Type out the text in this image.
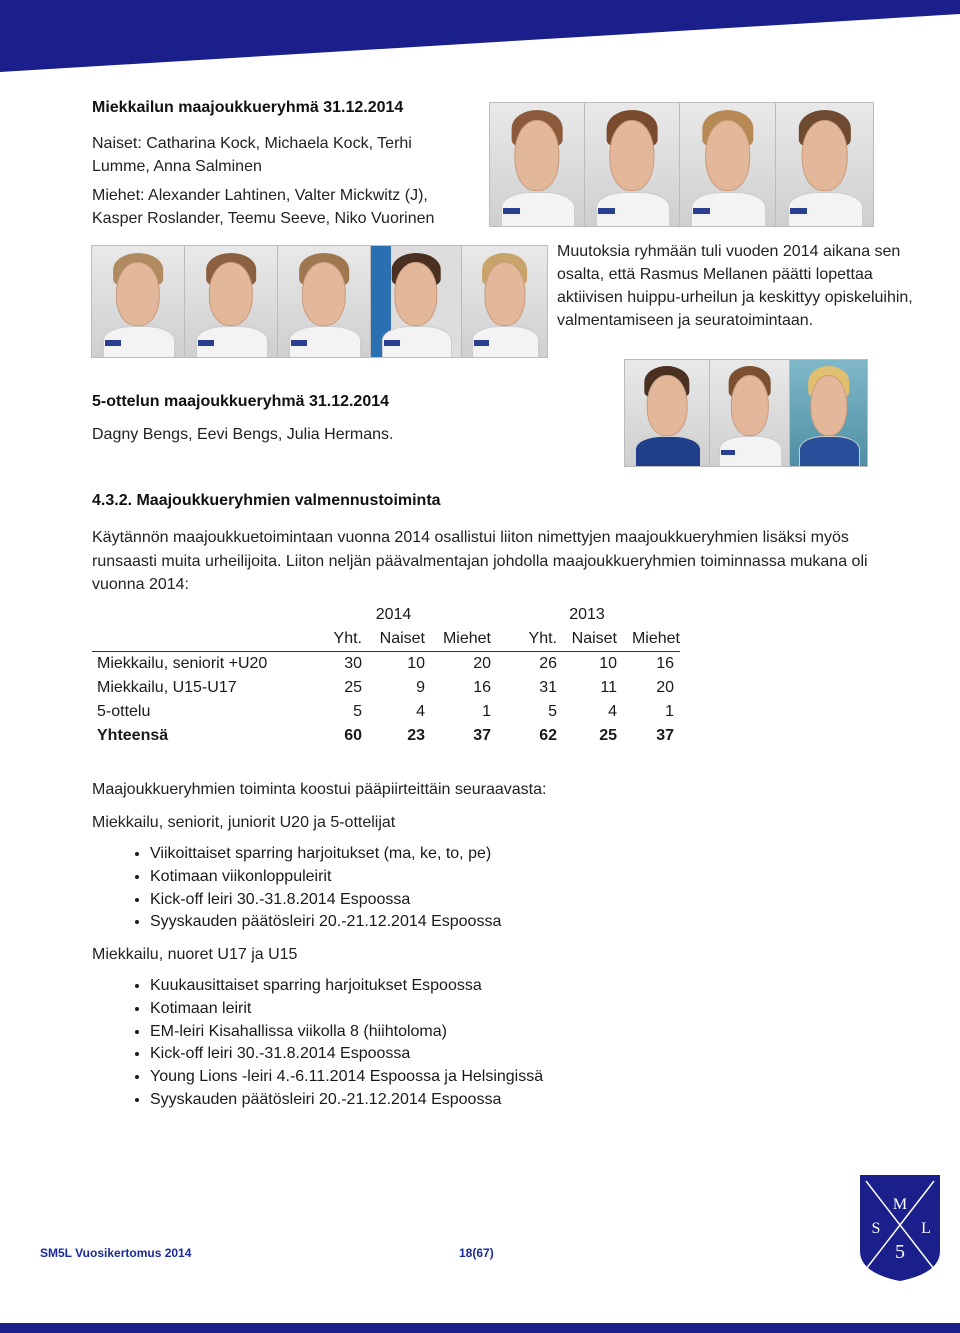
Miekkailun maajoukkueryhmä 31.12.2014
Naiset: Catharina Kock, Michaela Kock, Terhi Lumme, Anna Salminen
Miehet: Alexander Lahtinen, Valter Mickwitz (J), Kasper Roslander, Teemu Seeve, Niko Vuorinen
Muutoksia ryhmään tuli vuoden 2014 aikana sen osalta, että Rasmus Mellanen päätti lopettaa aktiivisen huippu-urheilun ja keskittyy opiskeluihin, valmentamiseen ja seuratoimintaan.
5-ottelun maajoukkueryhmä 31.12.2014
Dagny Bengs, Eevi Bengs, Julia Hermans.
4.3.2. Maajoukkueryhmien valmennustoiminta
Käytännön maajoukkuetoimintaan vuonna 2014 osallistui liiton nimettyjen maajoukkueryhmien lisäksi myös runsaasti muita urheilijoita. Liiton neljän päävalmentajan johdolla maajoukkueryhmien toiminnassa mukana oli vuonna 2014:
		2014			2013	
	Yht.	Naiset	Miehet	Yht.	Naiset	Miehet
Miekkailu, seniorit +U20	30	10	20	26	10	16
Miekkailu, U15-U17	25	9	16	31	11	20
5-ottelu	5	4	1	5	4	1
Yhteensä	60	23	37	62	25	37
Maajoukkueryhmien toiminta koostui pääpiirteittäin seuraavasta:
Miekkailu, seniorit, juniorit U20 ja 5-ottelijat
• Viikoittaiset sparring harjoitukset (ma, ke, to, pe)
• Kotimaan viikonloppuleirit
• Kick-off leiri 30.-31.8.2014 Espoossa
• Syyskauden päätösleiri 20.-21.12.2014 Espoossa
Miekkailu, nuoret U17 ja U15
• Kuukausittaiset sparring harjoitukset Espoossa
• Kotimaan leirit
• EM-leiri Kisahallissa viikolla 8 (hiihtoloma)
• Kick-off leiri 30.-31.8.2014 Espoossa
• Young Lions -leiri 4.-6.11.2014 Espoossa ja Helsingissä
• Syyskauden päätösleiri 20.-21.12.2014 Espoossa
SM5L Vuosikertomus 2014	18(67)
M
S	L
5
